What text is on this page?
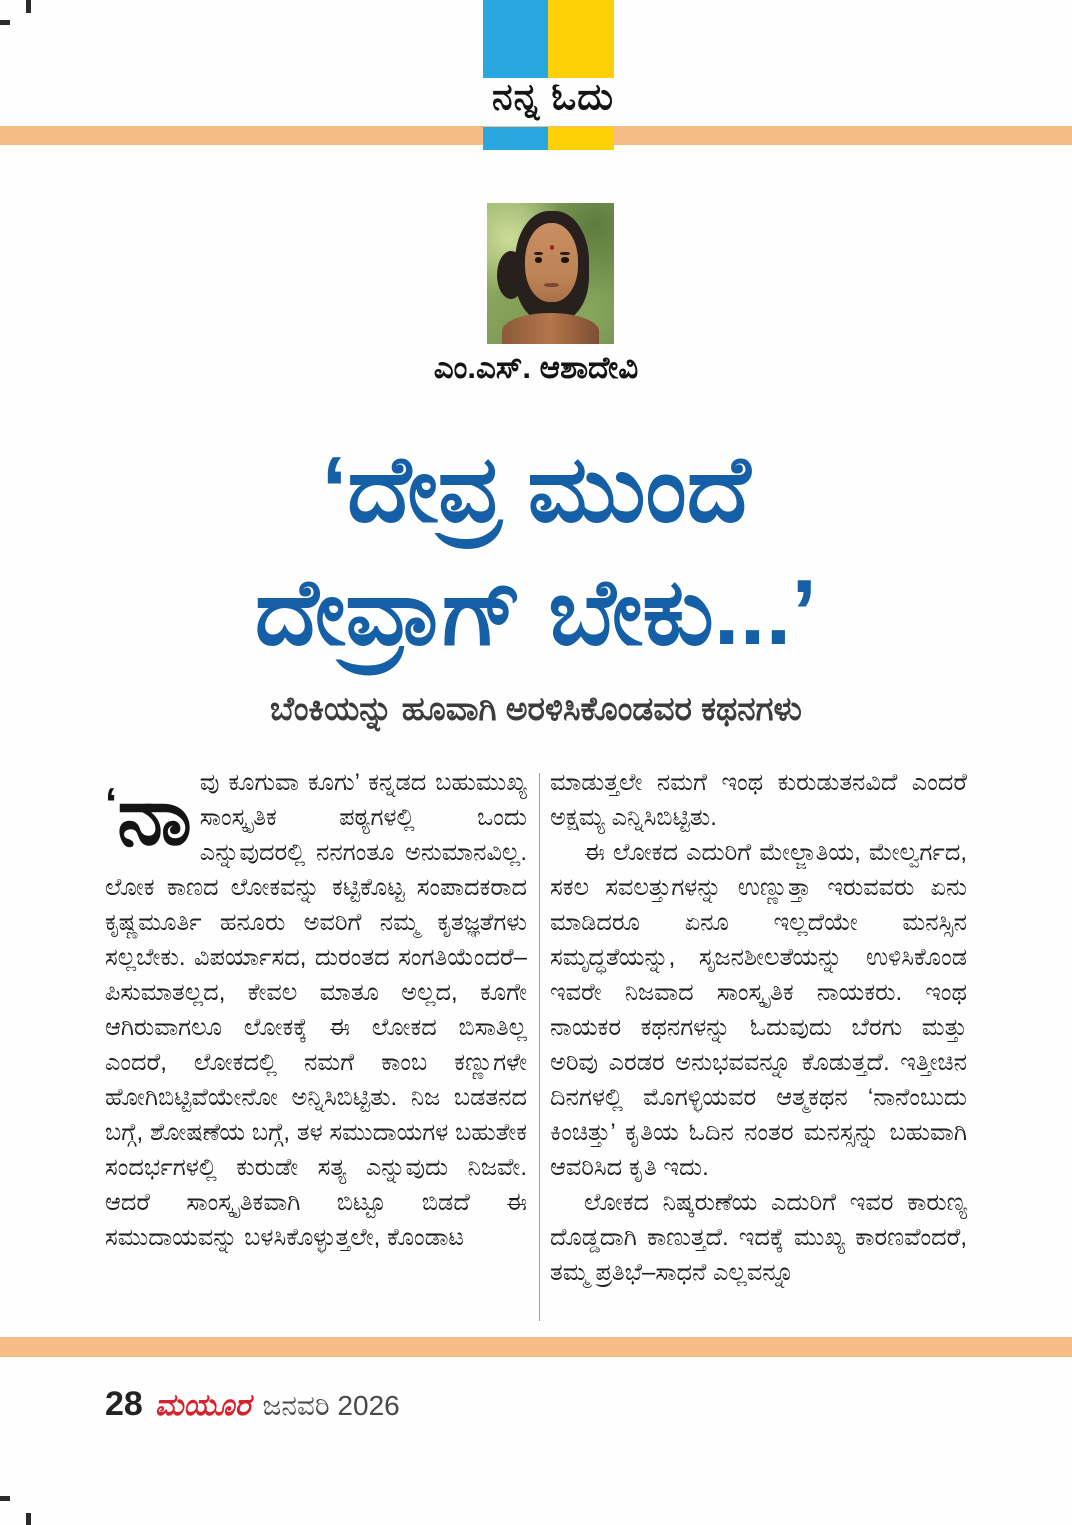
ನನ್ನ ಓದು
ಎಂ.ಎಸ್. ಆಶಾದೇವಿ
‘ದೇವ್ರ ಮುಂದೆ
ದೇವ್ರಾಗ್ ಬೇಕು...’
ಬೆಂಕಿಯನ್ನು ಹೂವಾಗಿ ಅರಳಿಸಿಕೊಂಡವರ ಕಥನಗಳು

‘ನಾ ವು ಕೂಗುವಾ ಕೂಗು’ ಕನ್ನಡದ ಬಹುಮುಖ್ಯ ಸಾಂಸ್ಕೃತಿಕ ಪಠ್ಯಗಳಲ್ಲಿ ಒಂದು ಎನ್ನುವುದರಲ್ಲಿ ನನಗಂತೂ ಅನುಮಾನವಿಲ್ಲ. ಲೋಕ ಕಾಣದ ಲೋಕವನ್ನು ಕಟ್ಟಿಕೊಟ್ಟ ಸಂಪಾದಕರಾದ ಕೃಷ್ಣಮೂರ್ತಿ ಹನೂರು ಅವರಿಗೆ ನಮ್ಮ ಕೃತಜ್ಞತೆಗಳು ಸಲ್ಲಬೇಕು. ವಿಪರ್ಯಾಸದ, ದುರಂತದ ಸಂಗತಿಯೆಂದರೆ– ಪಿಸುಮಾತಲ್ಲದ, ಕೇವಲ ಮಾತೂ ಅಲ್ಲದ, ಕೂಗೇ ಆಗಿರುವಾಗಲೂ ಲೋಕಕ್ಕೆ ಈ ಲೋಕದ ಬಿಸಾತಿಲ್ಲ ಎಂದರೆ, ಲೋಕದಲ್ಲಿ ನಮಗೆ ಕಾಂಬ ಕಣ್ಣುಗಳೇ ಹೋಗಿಬಿಟ್ಟಿವೆಯೇನೋ ಅನ್ನಿಸಿಬಿಟ್ಟಿತು. ನಿಜ ಬಡತನದ ಬಗ್ಗೆ, ಶೋಷಣೆಯ ಬಗ್ಗೆ, ತಳ ಸಮುದಾಯಗಳ ಬಹುತೇಕ ಸಂದರ್ಭಗಳಲ್ಲಿ ಕುರುಡೇ ಸತ್ಯ ಎನ್ನುವುದು ನಿಜವೇ. ಆದರೆ ಸಾಂಸ್ಕೃತಿಕವಾಗಿ ಬಿಟ್ಟೂ ಬಿಡದೆ ಈ ಸಮುದಾಯವನ್ನು ಬಳಸಿಕೊಳ್ಳುತ್ತಲೇ, ಕೊಂಡಾಟ

ಮಾಡುತ್ತಲೇ ನಮಗೆ ಇಂಥ ಕುರುಡುತನವಿದೆ ಎಂದರೆ ಅಕ್ಷಮ್ಯ ಎನ್ನಿಸಿಬಿಟ್ಟಿತು.

ಈ ಲೋಕದ ಎದುರಿಗೆ ಮೇಲ್ಜಾತಿಯ, ಮೇಲ್ವರ್ಗದ, ಸಕಲ ಸವಲತ್ತುಗಳನ್ನು ಉಣ್ಣುತ್ತಾ ಇರುವವರು ಏನು ಮಾಡಿದರೂ ಏನೂ ಇಲ್ಲದೆಯೇ ಮನಸ್ಸಿನ ಸಮೃದ್ಧತೆಯನ್ನು, ಸೃಜನಶೀಲತೆಯನ್ನು ಉಳಿಸಿಕೊಂಡ ಇವರೇ ನಿಜವಾದ ಸಾಂಸ್ಕೃತಿಕ ನಾಯಕರು. ಇಂಥ ನಾಯಕರ ಕಥನಗಳನ್ನು ಓದುವುದು ಬೆರಗು ಮತ್ತು ಅರಿವು ಎರಡರ ಅನುಭವವನ್ನೂ ಕೊಡುತ್ತದೆ. ಇತ್ತೀಚಿನ ದಿನಗಳಲ್ಲಿ ಮೊಗಳ್ಳಿಯವರ ಆತ್ಮಕಥನ ‘ನಾನೆಂಬುದು ಕಿಂಚಿತ್ತು’ ಕೃತಿಯ ಓದಿನ ನಂತರ ಮನಸ್ಸನ್ನು ಬಹುವಾಗಿ ಆವರಿಸಿದ ಕೃತಿ ಇದು.

ಲೋಕದ ನಿಷ್ಕರುಣೆಯ ಎದುರಿಗೆ ಇವರ ಕಾರುಣ್ಯ ದೊಡ್ಡದಾಗಿ ಕಾಣುತ್ತದೆ. ಇದಕ್ಕೆ ಮುಖ್ಯ ಕಾರಣವೆಂದರೆ, ತಮ್ಮ ಪ್ರತಿಭೆ–ಸಾಧನೆ ಎಲ್ಲವನ್ನೂ

28 ಮಯೂರ ಜನವರಿ 2026
